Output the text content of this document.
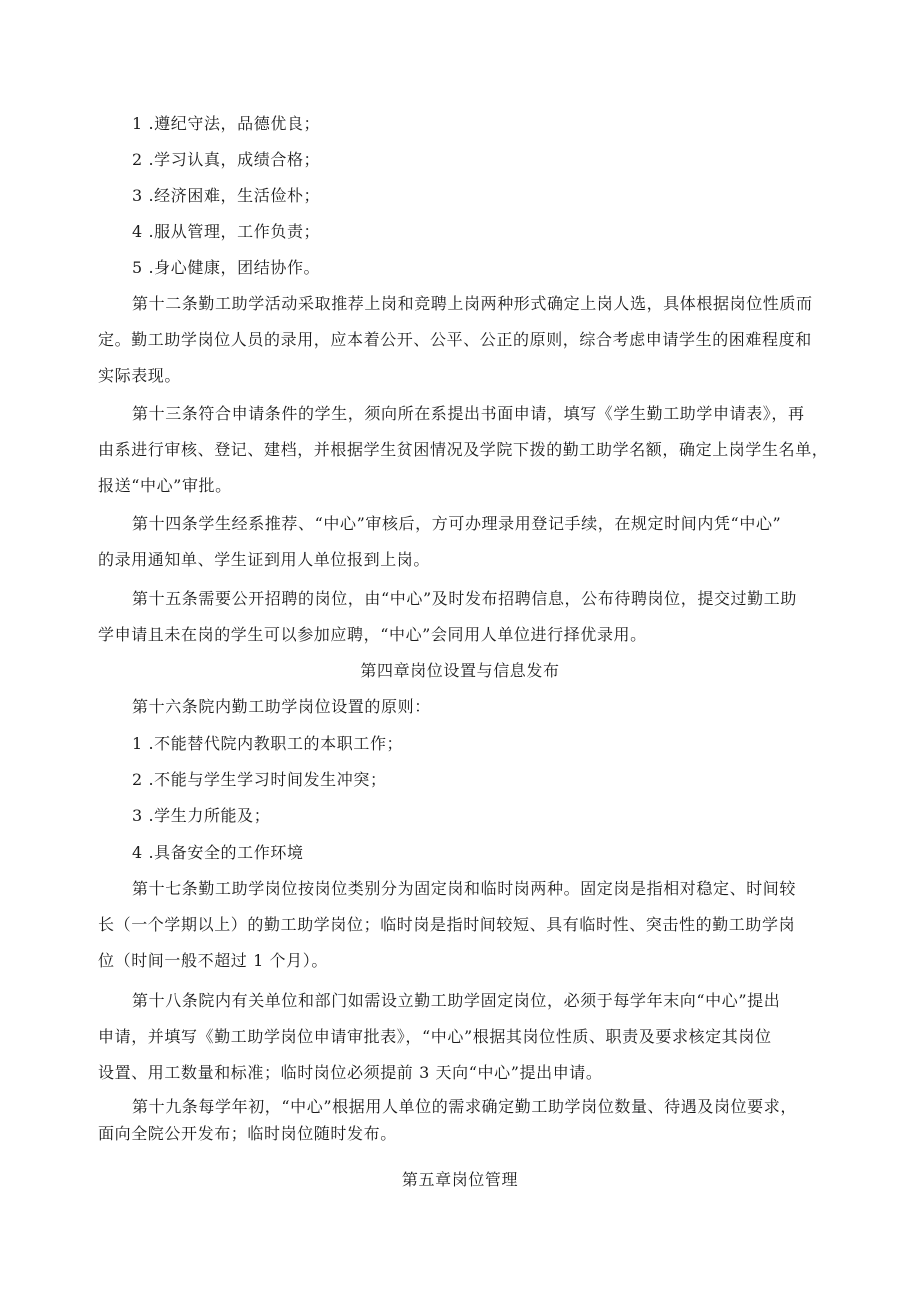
1 .遵纪守法，品德优良；
2 .学习认真，成绩合格；
3 .经济困难，生活俭朴；
4 .服从管理，工作负责；
5 .身心健康，团结协作。
第十二条勤工助学活动采取推荐上岗和竞聘上岗两种形式确定上岗人选，具体根据岗位性质而
定。勤工助学岗位人员的录用，应本着公开、公平、公正的原则，综合考虑申请学生的困难程度和
实际表现。
第十三条符合申请条件的学生，须向所在系提出书面申请，填写《学生勤工助学申请表》，再
由系进行审核、登记、建档，并根据学生贫困情况及学院下拨的勤工助学名额，确定上岗学生名单，
报送“中心”审批。
第十四条学生经系推荐、“中心”审核后，方可办理录用登记手续，在规定时间内凭“中心”
的录用通知单、学生证到用人单位报到上岗。
第十五条需要公开招聘的岗位，由“中心”及时发布招聘信息，公布待聘岗位，提交过勤工助
学申请且未在岗的学生可以参加应聘，“中心”会同用人单位进行择优录用。
第四章岗位设置与信息发布
第十六条院内勤工助学岗位设置的原则：
1 .不能替代院内教职工的本职工作；
2 .不能与学生学习时间发生冲突；
3 .学生力所能及；
4 .具备安全的工作环境
第十七条勤工助学岗位按岗位类别分为固定岗和临时岗两种。固定岗是指相对稳定、时间较
长（一个学期以上）的勤工助学岗位；临时岗是指时间较短、具有临时性、突击性的勤工助学岗
位（时间一般不超过 1 个月）。
第十八条院内有关单位和部门如需设立勤工助学固定岗位，必须于每学年末向“中心”提出
申请，并填写《勤工助学岗位申请审批表》，“中心”根据其岗位性质、职责及要求核定其岗位
设置、用工数量和标准；临时岗位必须提前 3 天向“中心”提出申请。
第十九条每学年初，“中心”根据用人单位的需求确定勤工助学岗位数量、待遇及岗位要求，
面向全院公开发布；临时岗位随时发布。
第五章岗位管理
